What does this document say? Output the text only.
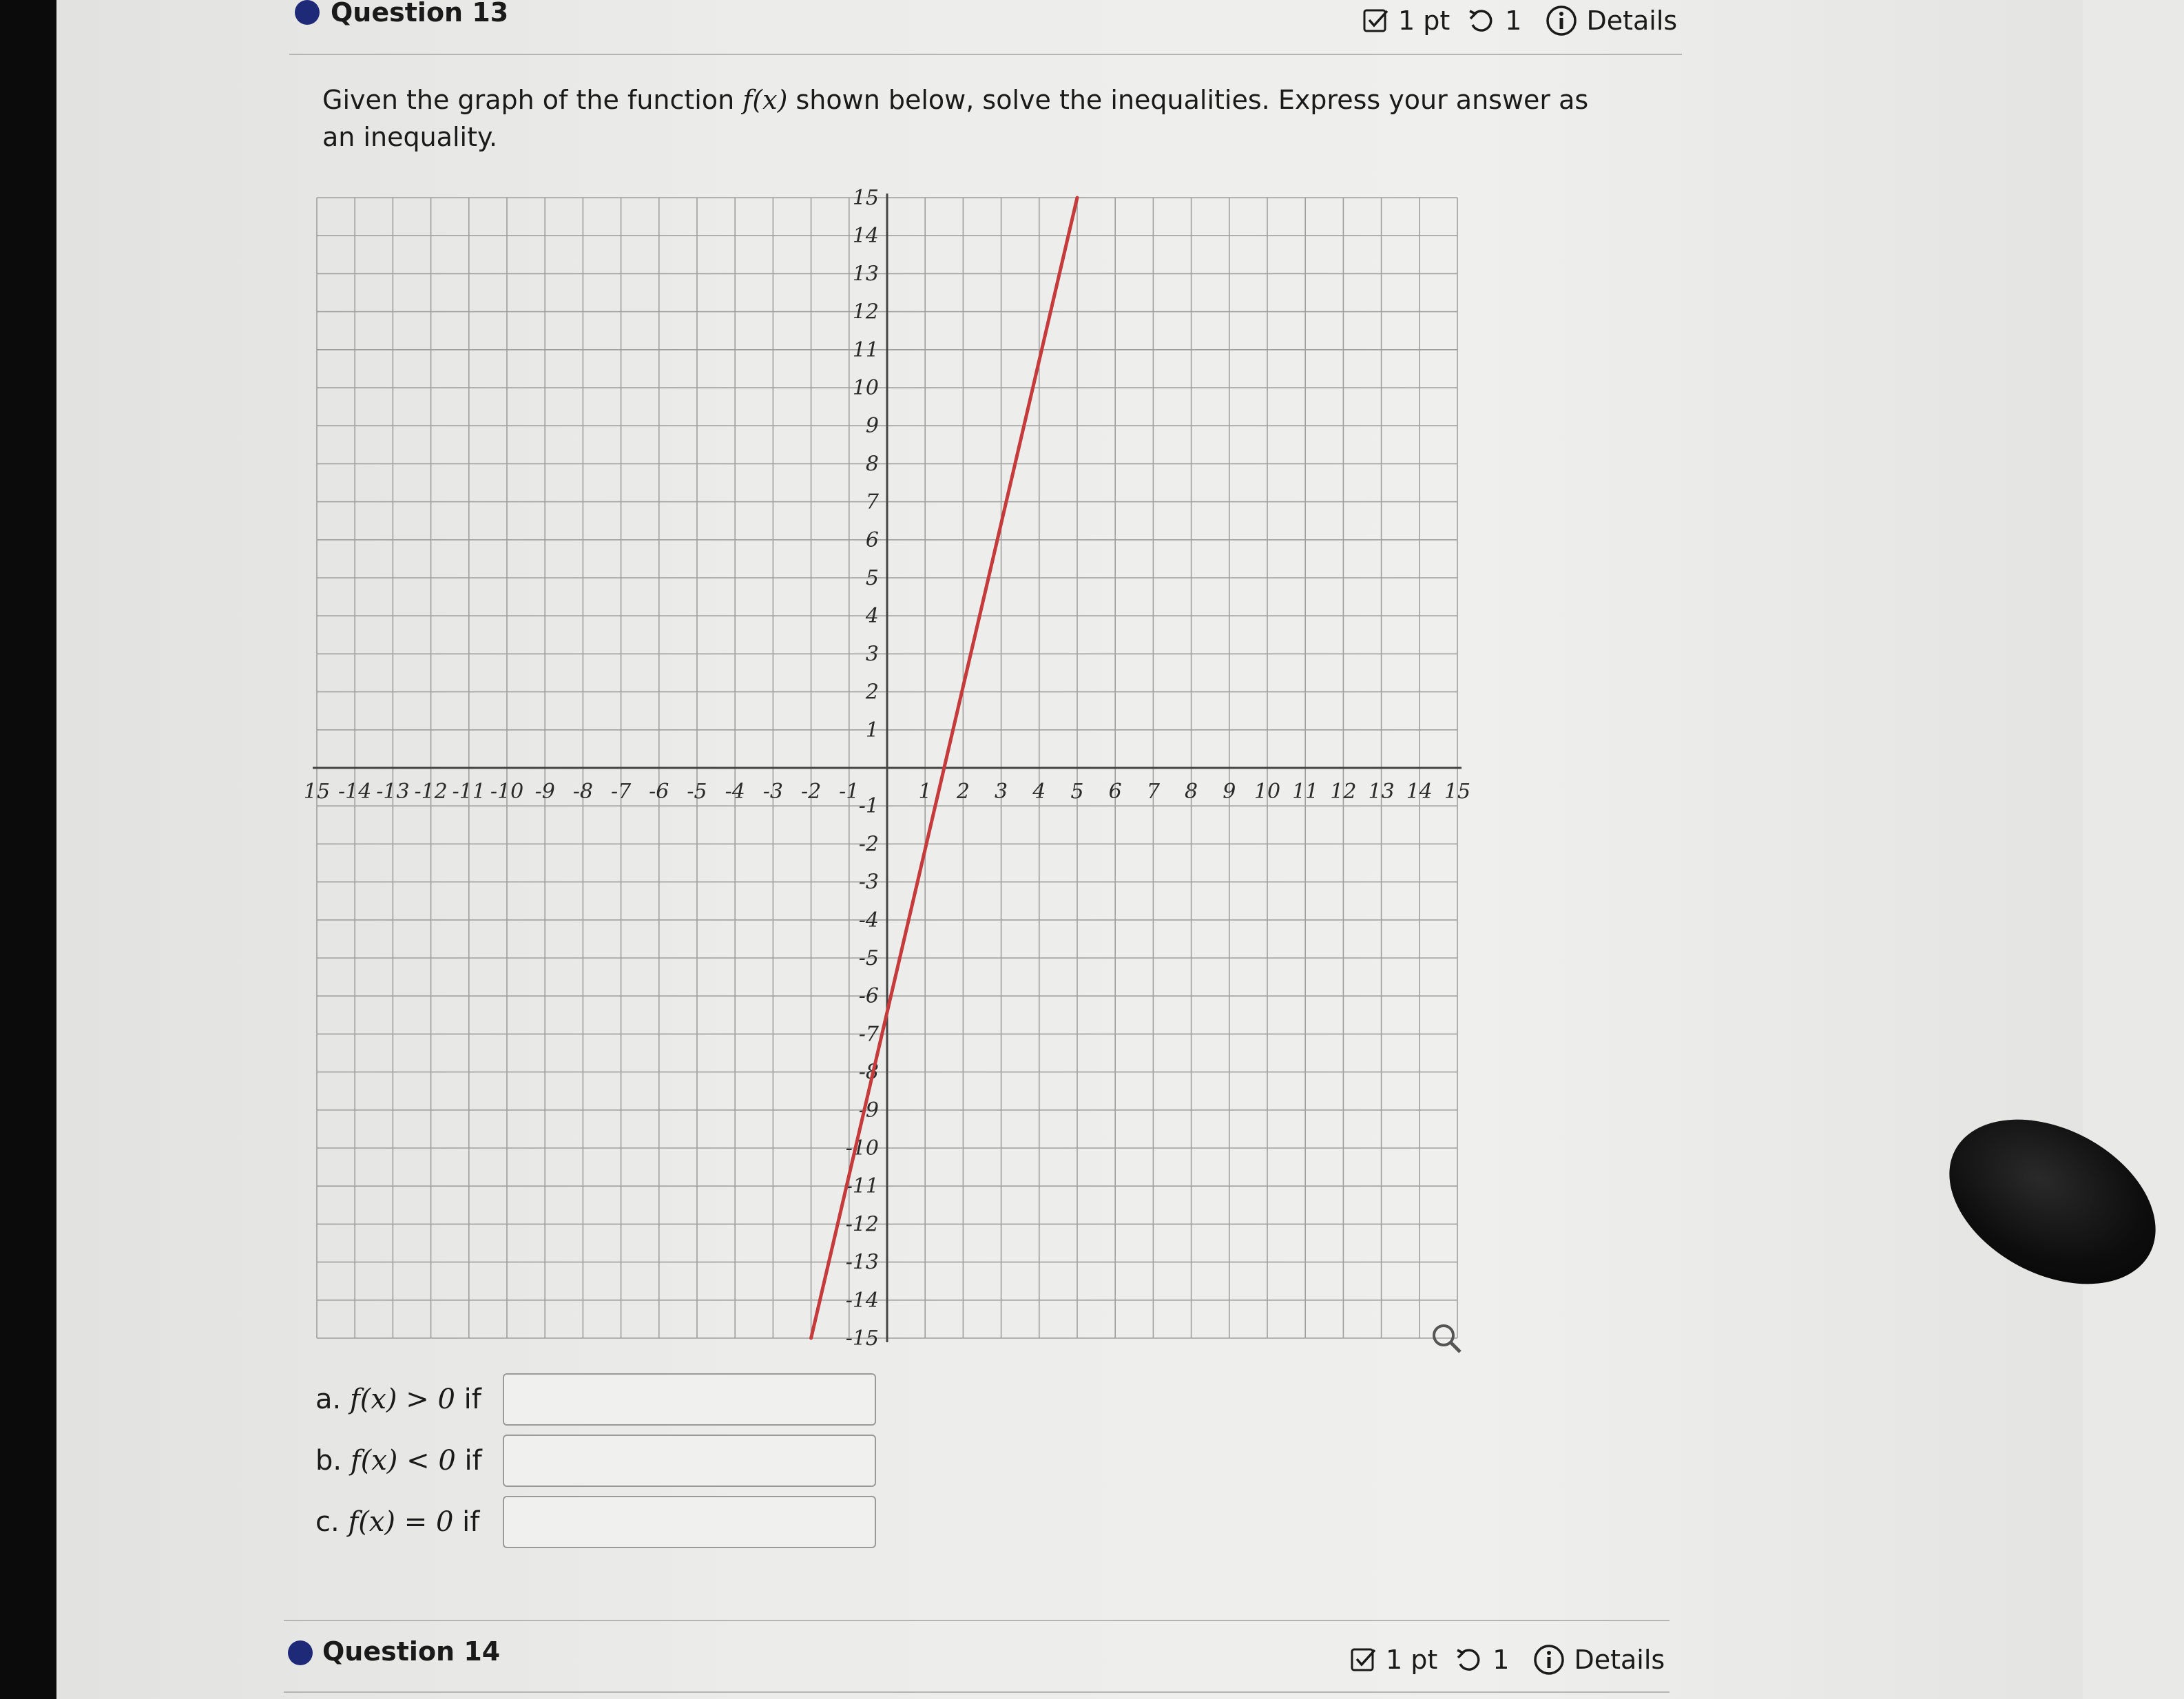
Question 13	1 pt 1 Details
Given the graph of the function f(x) shown below, solve the inequalities. Express your answer as an inequality.
15 -14 -13 -12 -11 -10 -9 -8 -7 -6 -5 -4 -3 -2 -1	1 2 3 4 5 6 7 8 9 10 11 12 13 14 15
15
14
13
12
11
10
9
8
7
6
5
4
3
2
1
-1
-2
-3
-4
-5
-6
-7
-8
-9
-10
-11
-12
-13
-14
-15
a. f(x) > 0 if
b. f(x) < 0 if
c. f(x) = 0 if
Question 14	1 pt 1 Details
